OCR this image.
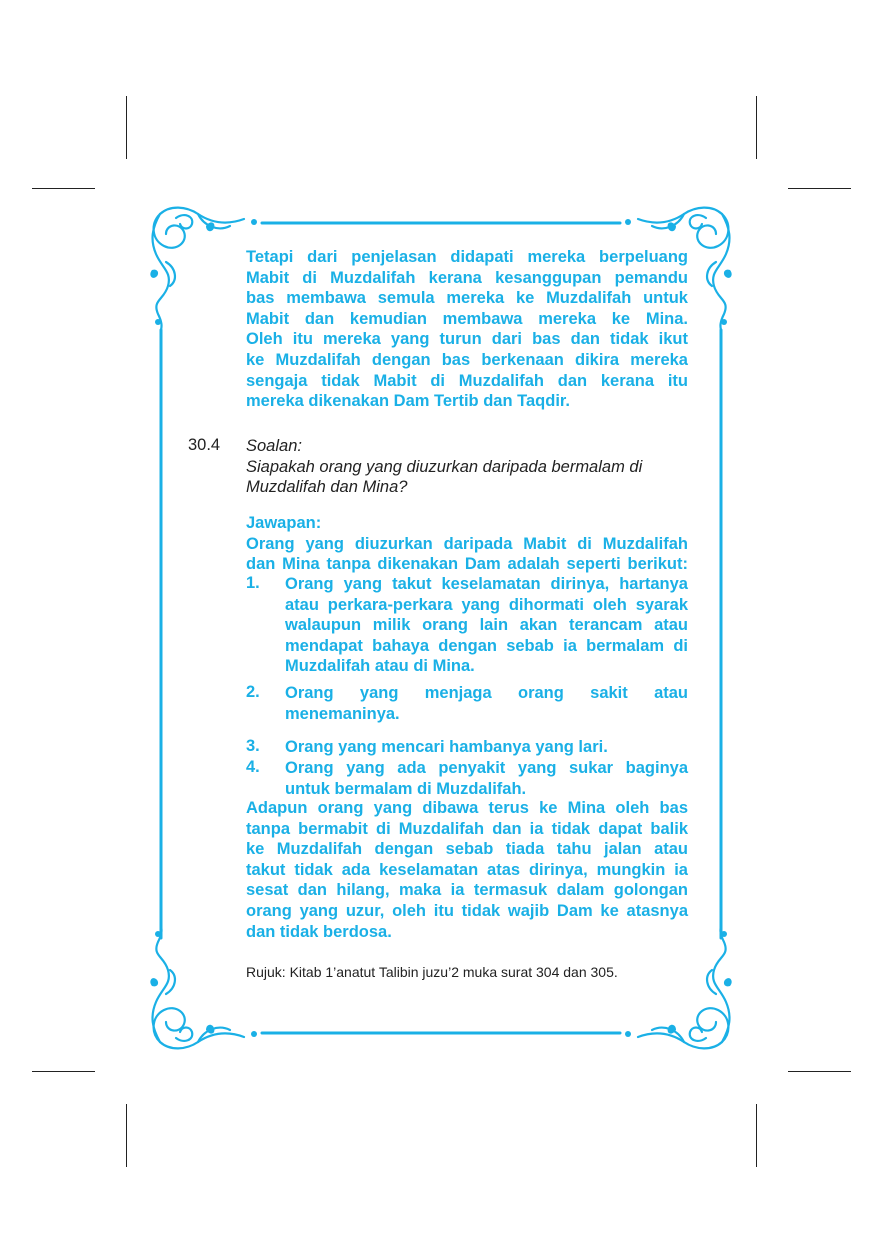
Tetapi dari penjelasan didapati mereka berpeluang
Mabit di Muzdalifah kerana kesanggupan pemandu
bas membawa semula mereka ke Muzdalifah untuk
Mabit dan kemudian membawa mereka ke Mina.
Oleh itu mereka yang turun dari bas dan tidak ikut
ke Muzdalifah dengan bas berkenaan dikira mereka
sengaja tidak Mabit di Muzdalifah dan kerana itu
mereka dikenakan Dam Tertib dan Taqdir.
30.4 Soalan:
Siapakah orang yang diuzurkan daripada bermalam di
Muzdalifah dan Mina?
Jawapan:
Orang yang diuzurkan daripada Mabit di Muzdalifah
dan Mina tanpa dikenakan Dam adalah seperti berikut:
1. Orang yang takut keselamatan dirinya, hartanya
atau perkara-perkara yang dihormati oleh syarak
walaupun milik orang lain akan terancam atau
mendapat bahaya dengan sebab ia bermalam di
Muzdalifah atau di Mina.
2. Orang yang menjaga orang sakit atau
menemaninya.
3. Orang yang mencari hambanya yang lari.
4. Orang yang ada penyakit yang sukar baginya
untuk bermalam di Muzdalifah.
Adapun orang yang dibawa terus ke Mina oleh bas
tanpa bermabit di Muzdalifah dan ia tidak dapat balik
ke Muzdalifah dengan sebab tiada tahu jalan atau
takut tidak ada keselamatan atas dirinya, mungkin ia
sesat dan hilang, maka ia termasuk dalam golongan
orang yang uzur, oleh itu tidak wajib Dam ke atasnya
dan tidak berdosa.
Rujuk: Kitab 1’anatut Talibin juzu’2 muka surat 304 dan 305.
